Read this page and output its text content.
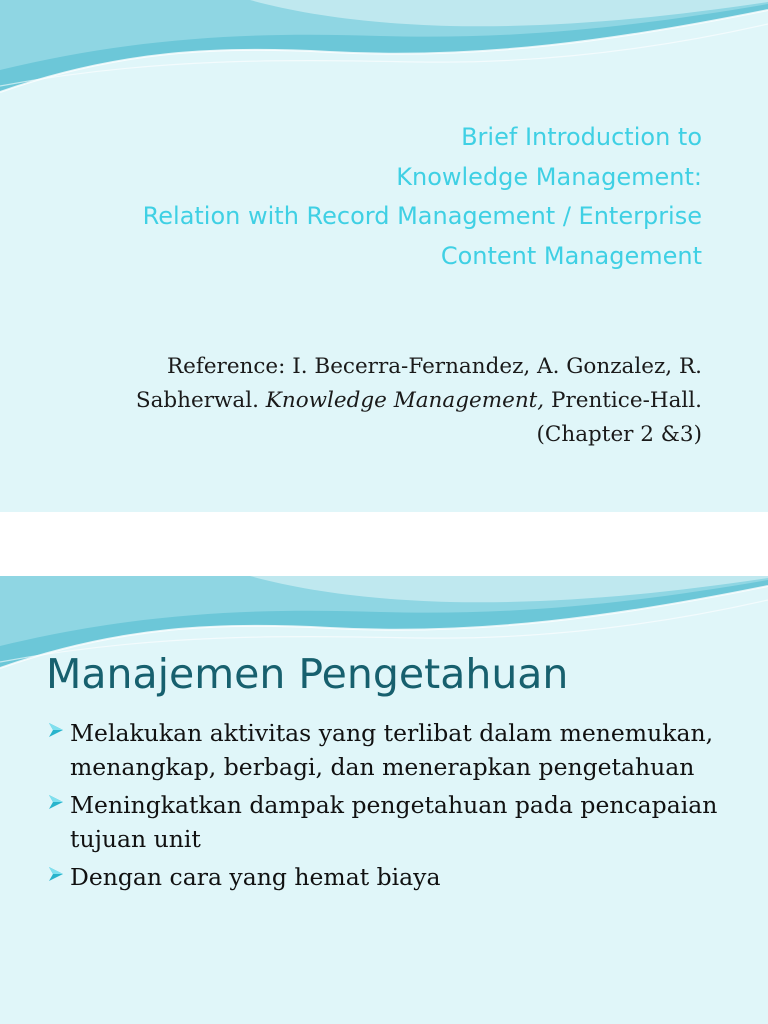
Brief Introduction to
Knowledge Management:
Relation with Record Management / Enterprise
Content Management
Reference: I. Becerra-Fernandez, A. Gonzalez, R. Sabherwal. Knowledge Management, Prentice-Hall. (Chapter 2 &3)
Manajemen Pengetahuan
Melakukan aktivitas yang terlibat dalam menemukan, menangkap, berbagi, dan menerapkan pengetahuan
Meningkatkan dampak pengetahuan pada pencapaian tujuan unit
Dengan cara yang hemat biaya
